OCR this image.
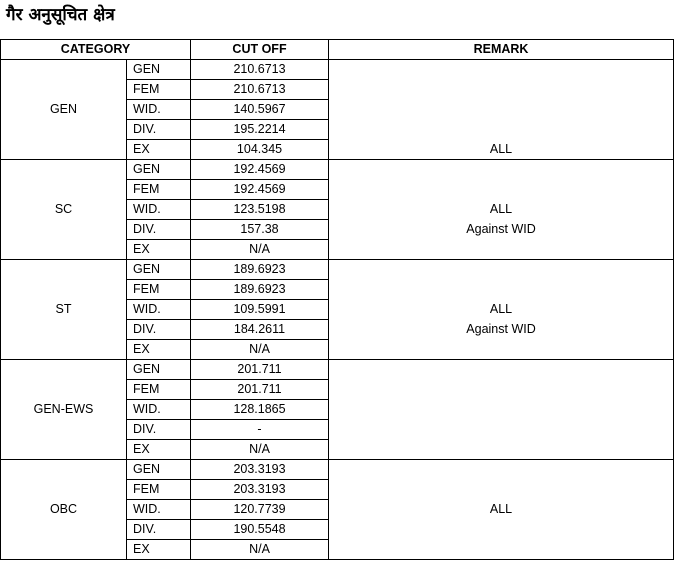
गैर अनुसूचित क्षेत्र
CATEGORY		CUT OFF	REMARK
GEN	GEN	210.6713	
	FEM	210.6713	
	WID.	140.5967	
	DIV.	195.2214	
	EX	104.345	ALL
SC	GEN	192.4569	
	FEM	192.4569	
	WID.	123.5198	ALL
	DIV.	157.38	Against WID
	EX	N/A	
ST	GEN	189.6923	
	FEM	189.6923	
	WID.	109.5991	ALL
	DIV.	184.2611	Against WID
	EX	N/A	
GEN-EWS	GEN	201.711	
	FEM	201.711	
	WID.	128.1865	
	DIV.	-	
	EX	N/A	
OBC	GEN	203.3193	
	FEM	203.3193	
	WID.	120.7739	ALL
	DIV.	190.5548	
	EX	N/A	
